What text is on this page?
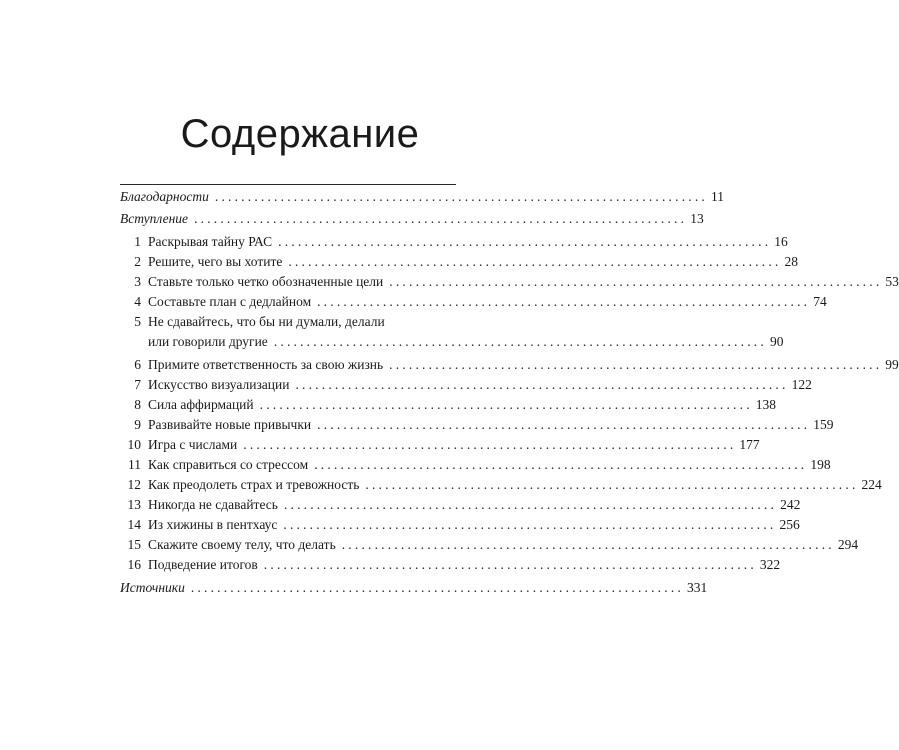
Содержание
Благодарности ........................................................................... 11
Вступление ........................................................................... 13
1 Раскрывая тайну РАС ........................................................................... 16
2 Решите, чего вы хотите ........................................................................... 28
3 Ставьте только четко обозначенные цели ........................................................................... 53
4 Составьте план с дедлайном ........................................................................... 74
5 Не сдавайтесь, что бы ни думали, делали
или говорили другие ........................................................................... 90
6 Примите ответственность за свою жизнь ........................................................................... 99
7 Искусство визуализации ........................................................................... 122
8 Сила аффирмаций ........................................................................... 138
9 Развивайте новые привычки ........................................................................... 159
10 Игра с числами ........................................................................... 177
11 Как справиться со стрессом ........................................................................... 198
12 Как преодолеть страх и тревожность ........................................................................... 224
13 Никогда не сдавайтесь ........................................................................... 242
14 Из хижины в пентхаус ........................................................................... 256
15 Скажите своему телу, что делать ........................................................................... 294
16 Подведение итогов ........................................................................... 322
Источники ........................................................................... 331
